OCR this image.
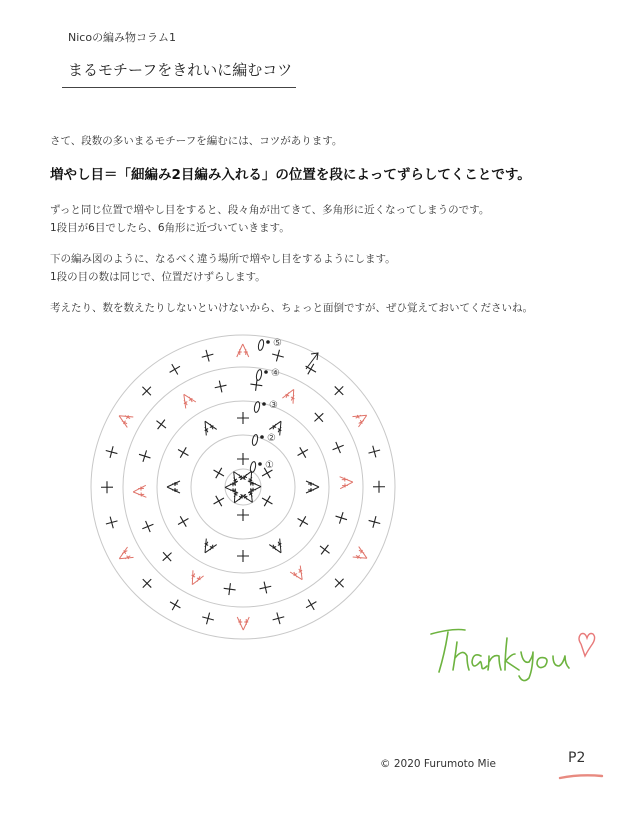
Nicoの編み物コラム1
まるモチーフをきれいに編むコツ
さて、段数の多いまるモチーフを編むには、コツがあります。
増やし目＝「細編み2目編み入れる」の位置を段によってずらしてくことです。
ずっと同じ位置で増やし目をすると、段々角が出てきて、多角形に近くなってしまうのです。
1段目が6目でしたら、6角形に近づいていきます。
下の編み図のように、なるべく違う場所で増やし目をするようにします。
1段の目の数は同じで、位置だけずらします。
考えたり、数を数えたりしないといけないから、ちょっと面倒ですが、ぜひ覚えておいてくださいね。
①
②
③
④
⑤
© 2020 Furumoto Mie	P2
